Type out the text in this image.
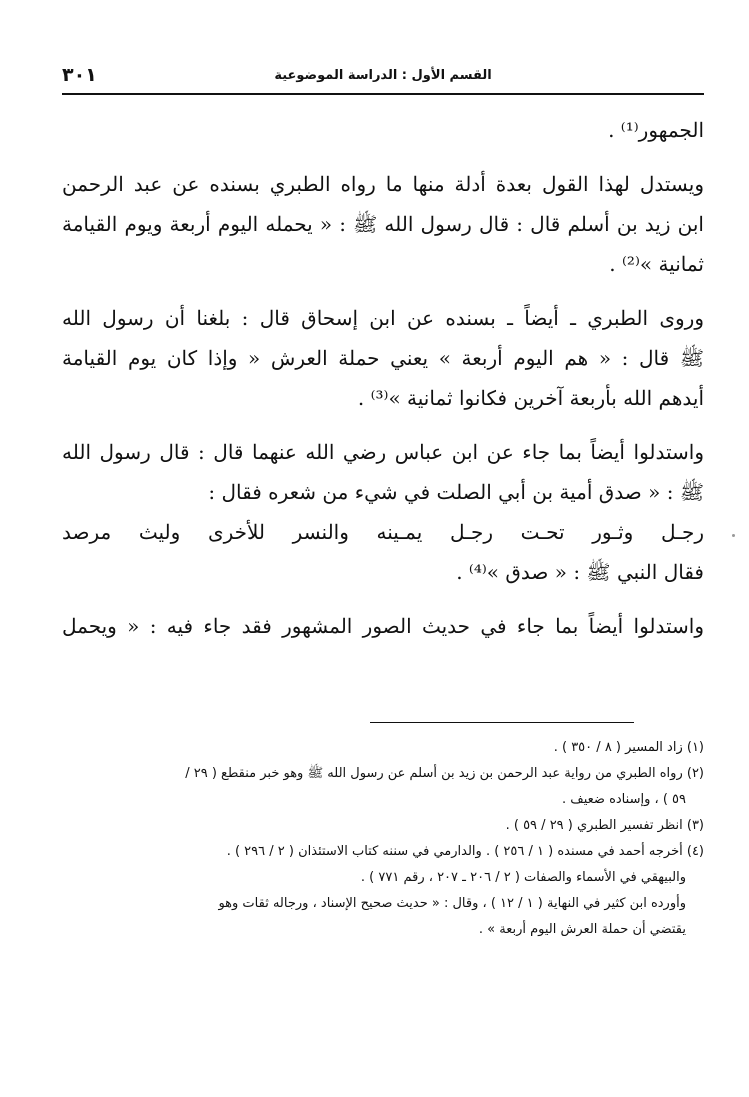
٣٠١	القسم الأول : الدراسة الموضوعية
الجمهور⁽¹⁾ .
ويستدل لهذا القول بعدة أدلة منها ما رواه الطبري بسنده عن عبد الرحمن
ابن زيد بن أسلم قال : قال رسول الله ﷺ : « يحمله اليوم أربعة ويوم القيامة
ثمانية »⁽²⁾ .
وروى الطبري ـ أيضاً ـ بسنده عن ابن إسحاق قال : بلغنا أن رسول الله
ﷺ قال : « هم اليوم أربعة » يعني حملة العرش « وإذا كان يوم القيامة
أيدهم الله بأربعة آخرين فكانوا ثمانية »⁽³⁾ .
واستدلوا أيضاً بما جاء عن ابن عباس رضي الله عنهما قال : قال رسول الله
ﷺ : « صدق أمية بن أبي الصلت في شيء من شعره فقال :
رجـل وثـور تحـت رجـل يمـينه والنسر للأخرى وليث مرصد
فقال النبي ﷺ : « صدق »⁽⁴⁾ .
واستدلوا أيضاً بما جاء في حديث الصور المشهور فقد جاء فيه : « ويحمل
(١) زاد المسير ( ٨ / ٣٥٠ ) .
(٢) رواه الطبري من رواية عبد الرحمن بن زيد بن أسلم عن رسول الله ﷺ وهو خبر منقطع ( ٢٩ /
٥٩ ) ، وإسناده ضعيف .
(٣) انظر تفسير الطبري ( ٢٩ / ٥٩ ) .
(٤) أخرجه أحمد في مسنده ( ١ / ٢٥٦ ) . والدارمي في سننه كتاب الاستئذان ( ٢ / ٢٩٦ ) .
والبيهقي في الأسماء والصفات ( ٢ / ٢٠٦ ـ ٢٠٧ ، رقم ٧٧١ ) .
وأورده ابن كثير في النهاية ( ١ / ١٢ ) ، وقال : « حديث صحيح الإسناد ، ورجاله ثقات وهو
يقتضي أن حملة العرش اليوم أربعة » .
